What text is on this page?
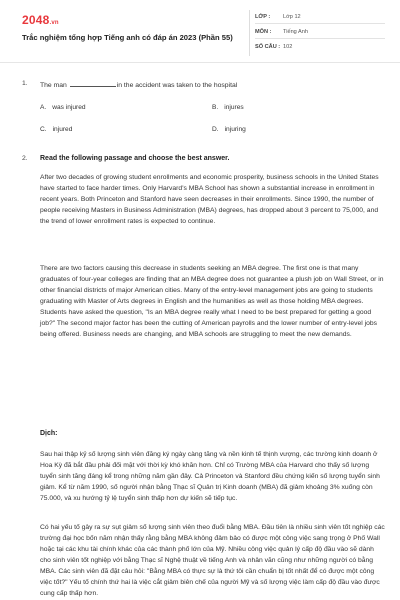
2048.vn
Trắc nghiệm tổng hợp Tiếng anh có đáp án 2023 (Phần 55)
LỚP : Lớp 12
MÔN : Tiếng Anh
SỐ CÂU : 102
1. The man	in the accident was taken to the hospital
A. was injured	B. injures
C. injured	D. injuring
2. Read the following passage and choose the best answer.
After two decades of growing student enrollments and economic prosperity, business schools in the United States have started to face harder times. Only Harvard's MBA School has shown a substantial increase in enrollment in recent years. Both Princeton and Stanford have seen decreases in their enrollments. Since 1990, the number of people receiving Masters in Business Administration (MBA) degrees, has dropped about 3 percent to 75,000, and the trend of lower enrollment rates is expected to continue.
There are two factors causing this decrease in students seeking an MBA degree. The first one is that many graduates of four-year colleges are finding that an MBA degree does not guarantee a plush job on Wall Street, or in other financial districts of major American cities. Many of the entry-level management jobs are going to students graduating with Master of Arts degrees in English and the humanities as well as those holding MBA degrees. Students have asked the question, "Is an MBA degree really what I need to be best prepared for getting a good job?" The second major factor has been the cutting of American payrolls and the lower number of entry-level jobs being offered. Business needs are changing, and MBA schools are struggling to meet the new demands.
Dịch:
Sau hai thập kỷ số lượng sinh viên đăng ký ngày càng tăng và nền kinh tế thịnh vượng, các trường kinh doanh ở Hoa Kỳ đã bắt đầu phải đối mặt với thời kỳ khó khăn hơn. Chỉ có Trường MBA của Harvard cho thấy số lượng tuyển sinh tăng đáng kể trong những năm gần đây. Cả Princeton và Stanford đều chứng kiến số lượng tuyển sinh giảm. Kể từ năm 1990, số người nhận bằng Thạc sĩ Quản trị Kinh doanh (MBA) đã giảm khoảng 3% xuống còn 75.000, và xu hướng tỷ lệ tuyển sinh thấp hơn dự kiến sẽ tiếp tục.
Có hai yếu tố gây ra sự sụt giảm số lượng sinh viên theo đuổi bằng MBA. Đầu tiên là nhiều sinh viên tốt nghiệp các trường đại học bốn năm nhận thấy rằng bằng MBA không đảm bảo có được một công việc sang trọng ở Phố Wall hoặc tại các khu tài chính khác của các thành phố lớn của Mỹ. Nhiều công việc quản lý cấp độ đầu vào sẽ dành cho sinh viên tốt nghiệp với bằng Thạc sĩ Nghệ thuật về tiếng Anh và nhân văn cũng như những người có bằng MBA. Các sinh viên đã đặt câu hỏi: "Bằng MBA có thực sự là thứ tôi cần chuẩn bị tốt nhất để có được một công việc tốt?" Yếu tố chính thứ hai là việc cắt giảm biên chế của người Mỹ và số lượng việc làm cấp độ đầu vào được cung cấp thấp hơn.
